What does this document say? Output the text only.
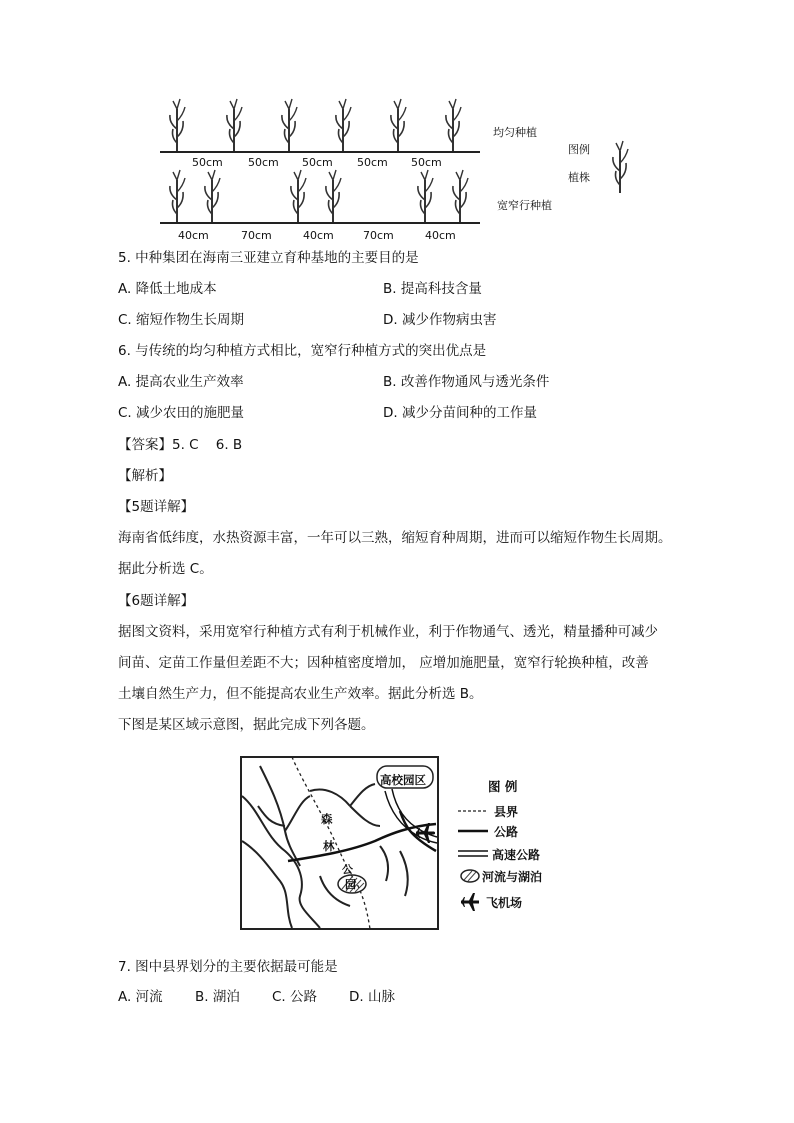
50cm 50cm 50cm 50cm 50cm
40cm	70cm	40cm	70cm	40cm
均匀种植
宽窄行种植
图例
植株
5. 中种集团在海南三亚建立育种基地的主要目的是
A. 降低土地成本	B. 提高科技含量
C. 缩短作物生长周期	D. 减少作物病虫害
6. 与传统的均匀种植方式相比，宽窄行种植方式的突出优点是
A. 提高农业生产效率	B. 改善作物通风与透光条件
C. 减少农田的施肥量	D. 减少分苗间种的工作量
【答案】5. C    6. B
【解析】
【5题详解】
海南省低纬度，水热资源丰富，一年可以三熟，缩短育种周期，进而可以缩短作物生长周期。
据此分析选 C。
【6题详解】
据图文资料，采用宽窄行种植方式有利于机械作业，利于作物通气、透光，精量播种可减少
间苗、定苗工作量但差距不大；因种植密度增加， 应增加施肥量，宽窄行轮换种植，改善
土壤自然生产力，但不能提高农业生产效率。据此分析选 B。
下图是某区域示意图，据此完成下列各题。
高校园区
森
林
公
园
图 例
县界
公路
高速公路
河流与湖泊
飞机场
7. 图中县界划分的主要依据最可能是
A. 河流 B. 湖泊 C. 公路 D. 山脉
